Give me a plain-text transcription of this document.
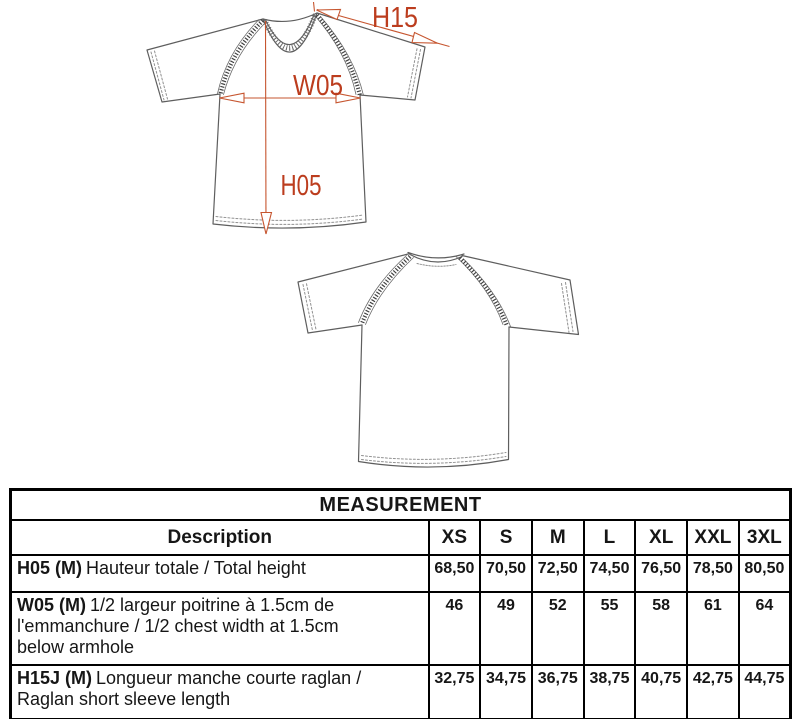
H05
W05
H15
MEASUREMENT							
Description	XS	S	M	L	XL	XXL	3XL

H05 (M) Hauteur totale / Total height	68,50	70,50	72,50	74,50	76,50	78,50	80,50

W05 (M) 1/2 largeur poitrine à 1.5cm de l'emmanchure / 1/2 chest width at 1.5cm below armhole	46	49	52	55	58	61	64

H15J (M) Longueur manche courte raglan / Raglan short sleeve length	32,75	34,75	36,75	38,75	40,75	42,75	44,75
